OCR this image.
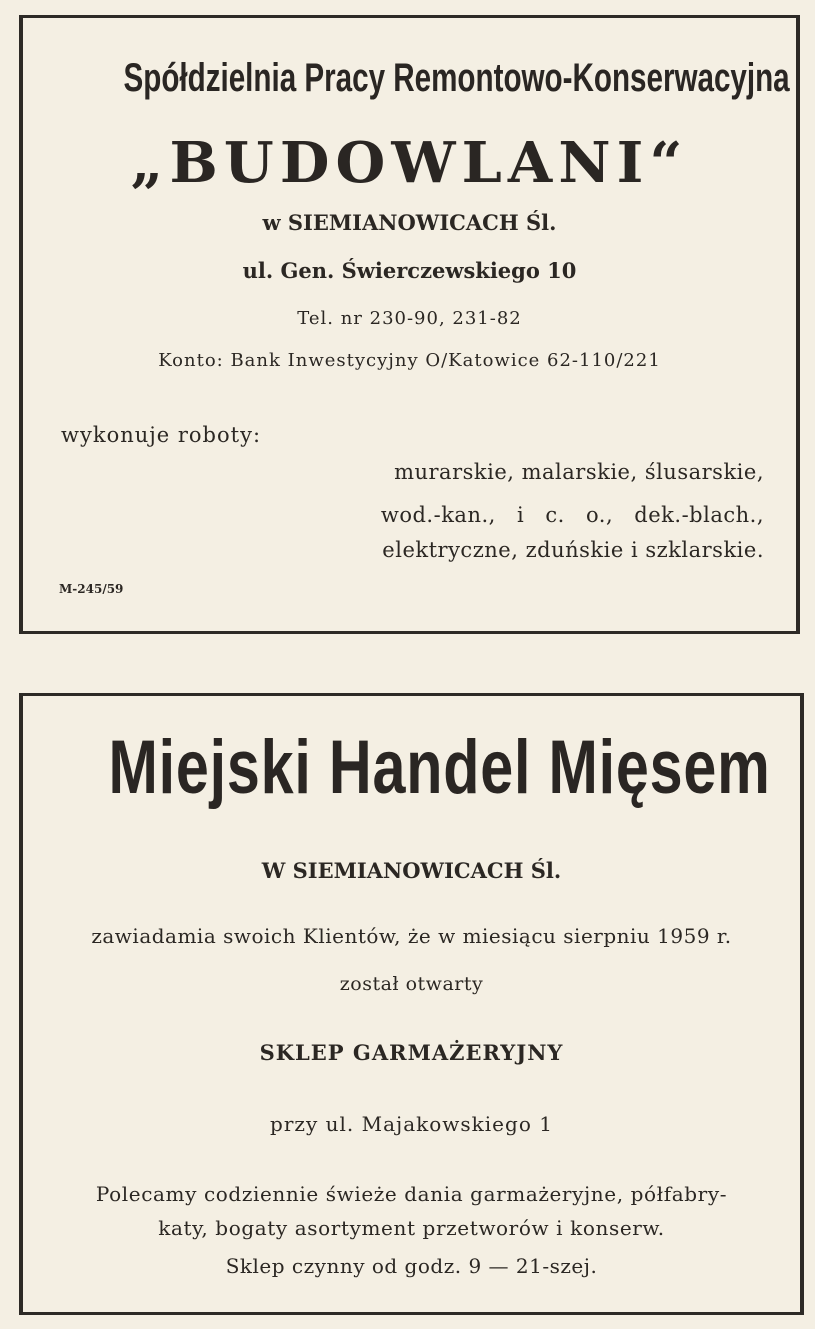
Spółdzielnia Pracy Remontowo-Konserwacyjna
„BUDOWLANI“
w SIEMIANOWICACH Śl.
ul. Gen. Świerczewskiego 10
Tel. nr 230-90, 231-82
Konto: Bank Inwestycyjny O/Katowice 62-110/221
wykonuje roboty:
murarskie, malarskie, ślusarskie,
wod.-kan., i c. o., dek.-blach.,
elektryczne, zduńskie i szklarskie.
M-245/59
Miejski Handel Mięsem
W SIEMIANOWICACH Śl.
zawiadamia swoich Klientów, że w miesiącu sierpniu 1959 r.
został otwarty
SKLEP GARMAŻERYJNY
przy ul. Majakowskiego 1
Polecamy codziennie świeże dania garmażeryjne, półfabry-
katy, bogaty asortyment przetworów i konserw.
Sklep czynny od godz. 9 — 21-szej.
